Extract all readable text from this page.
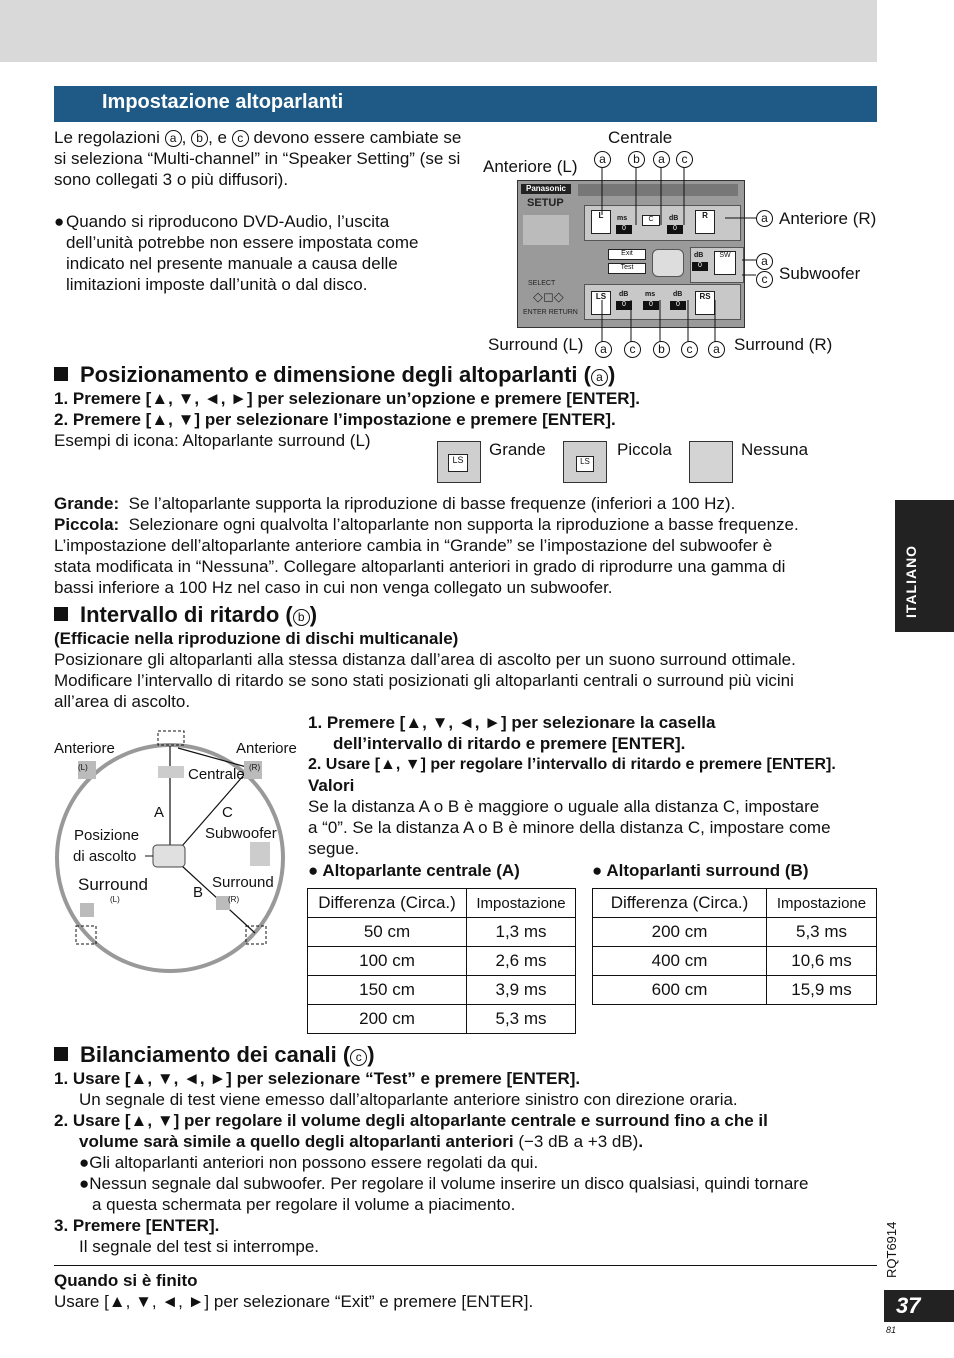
Impostazione altoparlanti
Le regolazioni a , b , e c devono essere cambiate se si seleziona “Multi-channel” in “Speaker Setting” (se si sono collegati 3 o più diffusori).
● Quando si riproducono DVD-Audio, l’uscita dell’unità potrebbe non essere impostata come indicato nel presente manuale a causa delle limitazioni imposte dall’unità o dal disco.
Centrale
Anteriore (L)	a	b	a	c
Panasonic
SETUP
SELECT
◇◻◇
ENTER RETURN
L	ms
0
C	dB
0
R
Exit
Test
dB
0
SW
LS	dB
0
ms
0
dB
0
RS
a Anteriore (R)
a
c Subwoofer
Surround (L)	a	c	b	c	a Surround (R)
Posizionamento e dimensione degli altoparlanti ( a )
1. Premere [▲, ▼, ◄, ►] per selezionare un’opzione e premere [ENTER].
2. Premere [▲, ▼] per selezionare l’impostazione e premere [ENTER].
Esempi di icona: Altoparlante surround (L)
LS
Grande
LS
Piccola	Nessuna
Grande: Se l’altoparlante supporta la riproduzione di basse frequenze (inferiori a 100 Hz).
Piccola: Selezionare ogni qualvolta l’altoparlante non supporta la riproduzione a basse frequenze.
L’impostazione dell’altoparlante anteriore cambia in “Grande” se l’impostazione del subwoofer è
stata modificata in “Nessuna”. Collegare altoparlanti anteriori in grado di riprodurre una gamma di
bassi inferiore a 100 Hz nel caso in cui non venga collegato un subwoofer.
Intervallo di ritardo ( b )
(Efficacie nella riproduzione di dischi multicanale)
Posizionare gli altoparlanti alla stessa distanza dall’area di ascolto per un suono surround ottimale.
Modificare l’intervallo di ritardo se sono stati posizionati gli altoparlanti centrali o surround più vicini
all’area di ascolto.
Anteriore
(L)
Anteriore
(R)
Centrale
A	C
Posizione
di ascolto
Subwoofer
Surround
(L)
Surround
(R)
B
1. Premere [▲, ▼, ◄, ►] per selezionare la casella
dell’intervallo di ritardo e premere [ENTER].
2. Usare [▲, ▼] per regolare l’intervallo di ritardo e premere [ENTER].
Valori
Se la distanza A o B è maggiore o uguale alla distanza C, impostare
a “0”. Se la distanza A o B è minore della distanza C, impostare come
segue.
● Altoparlante centrale (A)	● Altoparlanti surround (B)
Differenza (Circa.)	Impostazione
50 cm	1,3 ms
100 cm	2,6 ms
150 cm	3,9 ms
200 cm	5,3 ms
Differenza (Circa.)	Impostazione
200 cm	5,3 ms
400 cm	10,6 ms
600 cm	15,9 ms
Bilanciamento dei canali ( c )
1. Usare [▲, ▼, ◄, ►] per selezionare “Test” e premere [ENTER].
Un segnale di test viene emesso dall’altoparlante anteriore sinistro con direzione oraria.
2. Usare [▲, ▼] per regolare il volume degli altoparlante centrale e surround fino a che il
volume sarà simile a quello degli altoparlanti anteriori (−3 dB a +3 dB).
●Gli altoparlanti anteriori non possono essere regolati da qui.
●Nessun segnale dal subwoofer. Per regolare il volume inserire un disco qualsiasi, quindi tornare
a questa schermata per regolare il volume a piacimento.
3. Premere [ENTER].
Il segnale del test si interrompe.
Quando si è finito
Usare [▲, ▼, ◄, ►] per selezionare “Exit” e premere [ENTER].
ITALIANO
RQT6914
37
81
